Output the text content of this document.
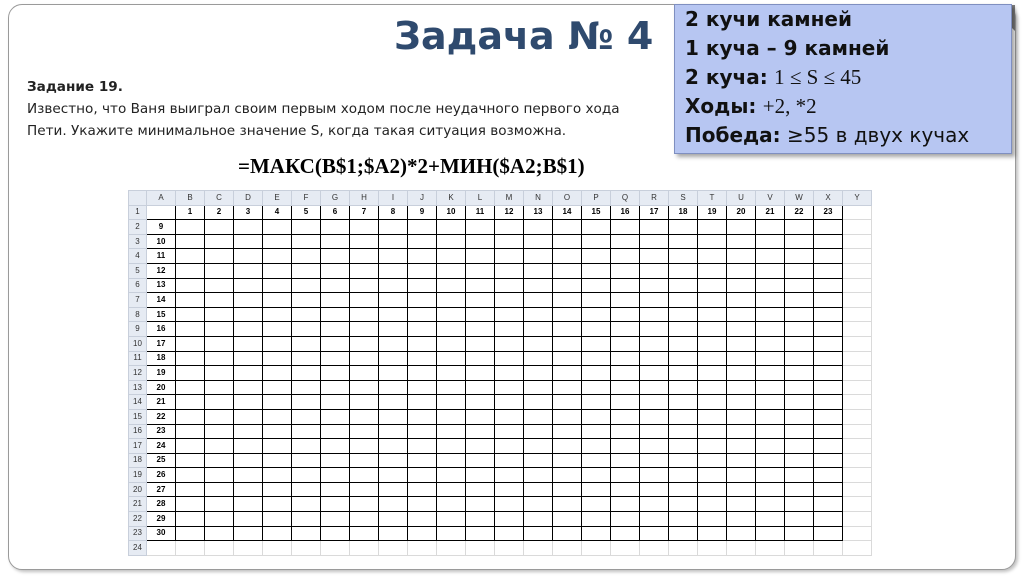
Задача № 4
Задание 19.
Известно, что Ваня выиграл своим первым ходом после неудачного первого хода
Пети. Укажите минимальное значение S, когда такая ситуация возможна.
=МАКС(B$1;$A2)*2+МИН($A2;B$1)
2 кучи камней
1 куча – 9 камней
2 куча: 1 ≤ S ≤ 45
Ходы: +2, *2
Победа: ≥55 в двух кучах
	A	B	C	D	E	F	G	H	I	J	K	L	M	N	O	P	Q	R	S	T	U	V	W	X	Y
1		1	2	3	4	5	6	7	8	9	10	11	12	13	14	15	16	17	18	19	20	21	22	23	
2	9																								
3	10																								
4	11																								
5	12																								
6	13																								
7	14																								
8	15																								
9	16																								
10	17																								
11	18																								
12	19																								
13	20																								
14	21																								
15	22																								
16	23																								
17	24																								
18	25																								
19	26																								
20	27																								
21	28																								
22	29																								
23	30																								
24																									
